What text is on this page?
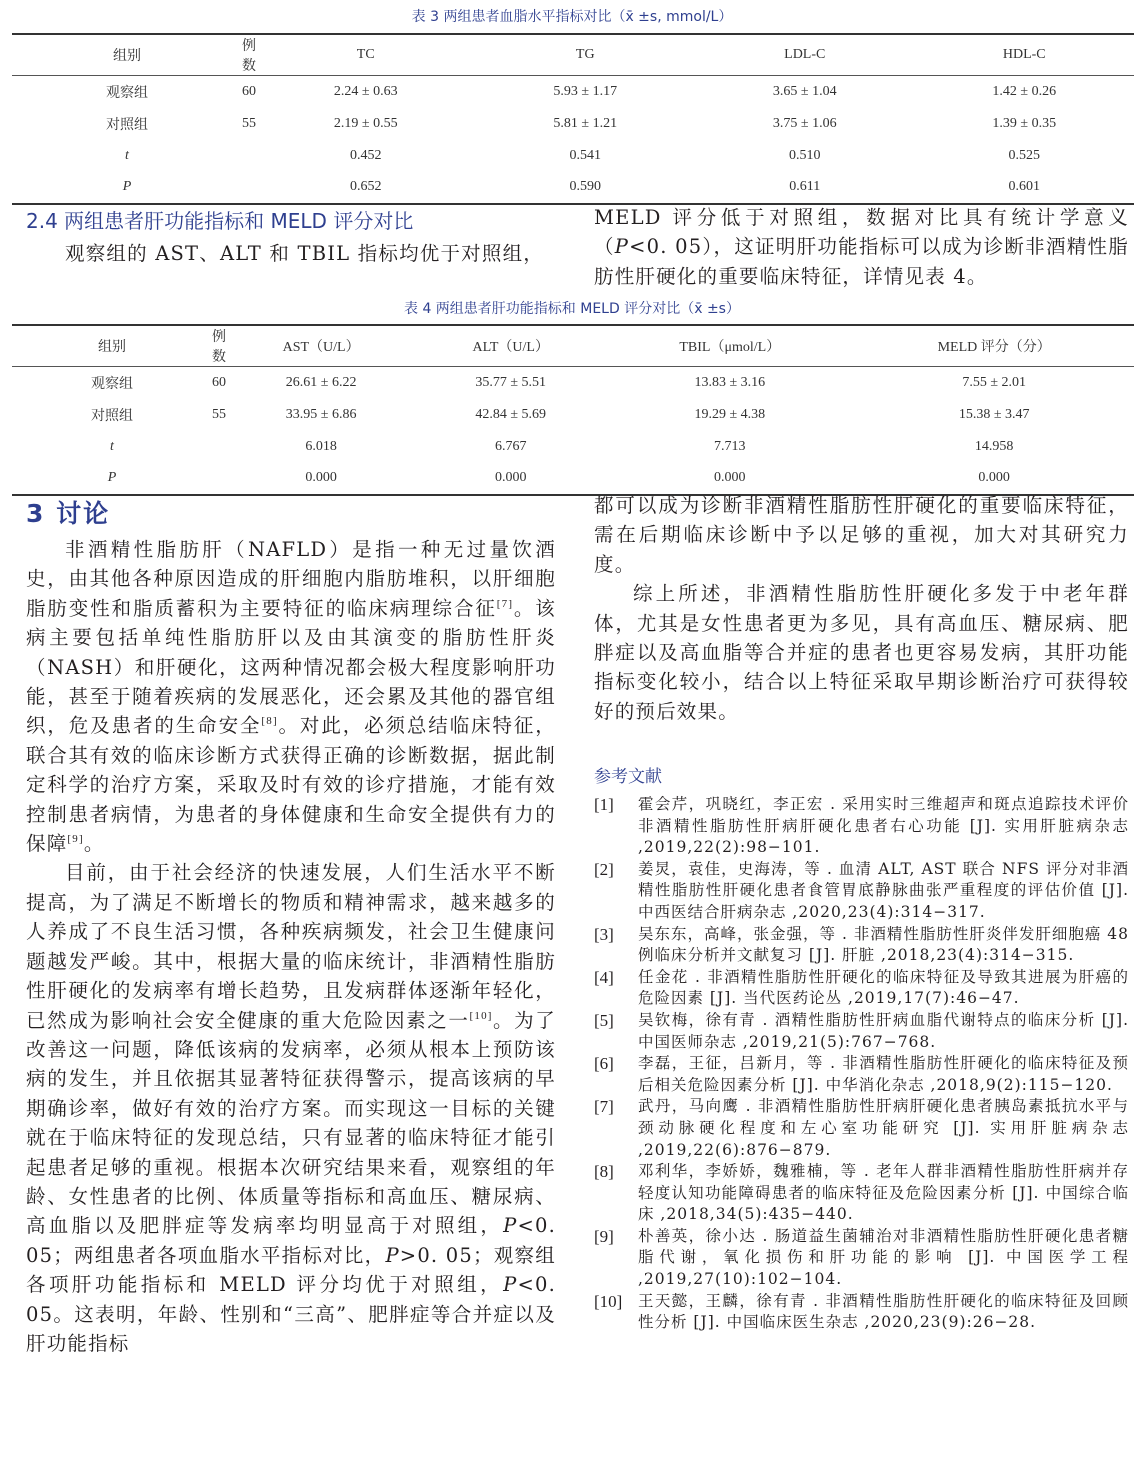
表 3 两组患者血脂水平指标对比（x̄ ±s, mmol/L）
组别	例数	TC	TG	LDL-C	HDL-C
观察组	60	2.24 ± 0.63	5.93 ± 1.17	3.65 ± 1.04	1.42 ± 0.26
对照组	55	2.19 ± 0.55	5.81 ± 1.21	3.75 ± 1.06	1.39 ± 0.35
t		0.452	0.541	0.510	0.525
P		0.652	0.590	0.611	0.601
2.4 两组患者肝功能指标和 MELD 评分对比

观察组的 AST、ALT 和 TBIL 指标均优于对照组，

MELD 评分低于对照组，数据对比具有统计学意义（P<0. 05），这证明肝功能指标可以成为诊断非酒精性脂肪性肝硬化的重要临床特征，详情见表 4。

表 4 两组患者肝功能指标和 MELD 评分对比（x̄ ±s）
组别	例数	AST（U/L）	ALT（U/L）	TBIL（μmol/L）	MELD 评分（分）
观察组	60	26.61 ± 6.22	35.77 ± 5.51	13.83 ± 3.16	7.55 ± 2.01
对照组	55	33.95 ± 6.86	42.84 ± 5.69	19.29 ± 4.38	15.38 ± 3.47
t		6.018	6.767	7.713	14.958
P		0.000	0.000	0.000	0.000
3 讨论

非酒精性脂肪肝（NAFLD）是指一种无过量饮酒史，由其他各种原因造成的肝细胞内脂肪堆积，以肝细胞脂肪变性和脂质蓄积为主要特征的临床病理综合征[7]。该病主要包括单纯性脂肪肝以及由其演变的脂肪性肝炎（NASH）和肝硬化，这两种情况都会极大程度影响肝功能，甚至于随着疾病的发展恶化，还会累及其他的器官组织，危及患者的生命安全[8]。对此，必须总结临床特征，联合其有效的临床诊断方式获得正确的诊断数据，据此制定科学的治疗方案，采取及时有效的诊疗措施，才能有效控制患者病情，为患者的身体健康和生命安全提供有力的保障[9]。

目前，由于社会经济的快速发展，人们生活水平不断提高，为了满足不断增长的物质和精神需求，越来越多的人养成了不良生活习惯，各种疾病频发，社会卫生健康问题越发严峻。其中，根据大量的临床统计，非酒精性脂肪性肝硬化的发病率有增长趋势，且发病群体逐渐年轻化，已然成为影响社会安全健康的重大危险因素之一[10]。为了改善这一问题，降低该病的发病率，必须从根本上预防该病的发生，并且依据其显著特征获得警示，提高该病的早期确诊率，做好有效的治疗方案。而实现这一目标的关键就在于临床特征的发现总结，只有显著的临床特征才能引起患者足够的重视。根据本次研究结果来看，观察组的年龄、女性患者的比例、体质量等指标和高血压、糖尿病、高血脂以及肥胖症等发病率均明显高于对照组，P<0. 05；两组患者各项血脂水平指标对比，P>0. 05；观察组各项肝功能指标和 MELD 评分均优于对照组，P<0. 05。这表明，年龄、性别和“三高”、肥胖症等合并症以及肝功能指标

都可以成为诊断非酒精性脂肪性肝硬化的重要临床特征，需在后期临床诊断中予以足够的重视，加大对其研究力度。

综上所述，非酒精性脂肪性肝硬化多发于中老年群体，尤其是女性患者更为多见，具有高血压、糖尿病、肥胖症以及高血脂等合并症的患者也更容易发病，其肝功能指标变化较小，结合以上特征采取早期诊断治疗可获得较好的预后效果。

参考文献
[1]	霍会芹，巩晓红，李正宏 . 采用实时三维超声和斑点追踪技术评价非酒精性脂肪性肝病肝硬化患者右心功能 [J]. 实用肝脏病杂志 ,2019,22(2):98−101.
[2]	姜炅，袁佳，史海涛，等 . 血清 ALT, AST 联合 NFS 评分对非酒精性脂肪性肝硬化患者食管胃底静脉曲张严重程度的评估价值 [J]. 中西医结合肝病杂志 ,2020,23(4):314−317.
[3]	吴东东，高峰，张金强，等 . 非酒精性脂肪性肝炎伴发肝细胞癌 48 例临床分析并文献复习 [J]. 肝脏 ,2018,23(4):314−315.
[4]	任金花 . 非酒精性脂肪性肝硬化的临床特征及导致其进展为肝癌的危险因素 [J]. 当代医药论丛 ,2019,17(7):46−47.
[5]	吴钦梅，徐有青 . 酒精性脂肪性肝病血脂代谢特点的临床分析 [J]. 中国医师杂志 ,2019,21(5):767−768.
[6]	李磊，王征，吕新月，等 . 非酒精性脂肪性肝硬化的临床特征及预后相关危险因素分析 [J]. 中华消化杂志 ,2018,9(2):115−120.
[7]	武丹，马向鹰 . 非酒精性脂肪性肝病肝硬化患者胰岛素抵抗水平与颈动脉硬化程度和左心室功能研究 [J]. 实用肝脏病杂志 ,2019,22(6):876−879.
[8]	邓利华，李娇娇，魏雅楠，等 . 老年人群非酒精性脂肪性肝病并存轻度认知功能障碍患者的临床特征及危险因素分析 [J]. 中国综合临床 ,2018,34(5):435−440.
[9]	朴善英，徐小达 . 肠道益生菌辅治对非酒精性脂肪性肝硬化患者糖脂代谢，氧化损伤和肝功能的影响 [J]. 中国医学工程 ,2019,27(10):102−104.
[10]	王天懿，王麟，徐有青 . 非酒精性脂肪性肝硬化的临床特征及回顾性分析 [J]. 中国临床医生杂志 ,2020,23(9):26−28.
